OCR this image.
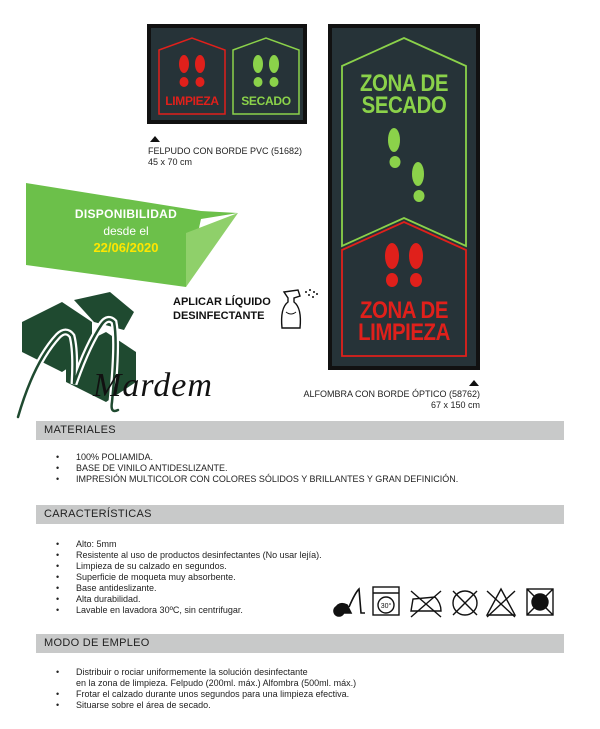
LIMPIEZA	SECADO
FELPUDO CON BORDE PVC (51682)
45 x 70 cm
ZONA DE
SECADO
ZONA DE
LIMPIEZA
ALFOMBRA CON BORDE ÓPTICO (58762)
67 x 150 cm
DISPONIBILIDAD
desde el
22/06/2020
APLICAR LÍQUIDO
DESINFECTANTE
Mardem
MATERIALES
• 100% POLIAMIDA.
• BASE DE VINILO ANTIDESLIZANTE.
• IMPRESIÓN MULTICOLOR CON COLORES SÓLIDOS Y BRILLANTES Y GRAN DEFINICIÓN.
CARACTERÍSTICAS
• Alto: 5mm
• Resistente al uso de productos desinfectantes (No usar lejía).
• Limpieza de su calzado en segundos.
• Superficie de moqueta muy absorbente.
• Base antideslizante.
• Alta durabilidad.
• Lavable en lavadora 30ºC, sin centrifugar.	30°
MODO DE EMPLEO
• Distribuir o rociar uniformemente la solución desinfectante
en la zona de limpieza. Felpudo (200ml. máx.) Alfombra (500ml. máx.)
• Frotar el calzado durante unos segundos para una limpieza efectiva.
• Situarse sobre el área de secado.
